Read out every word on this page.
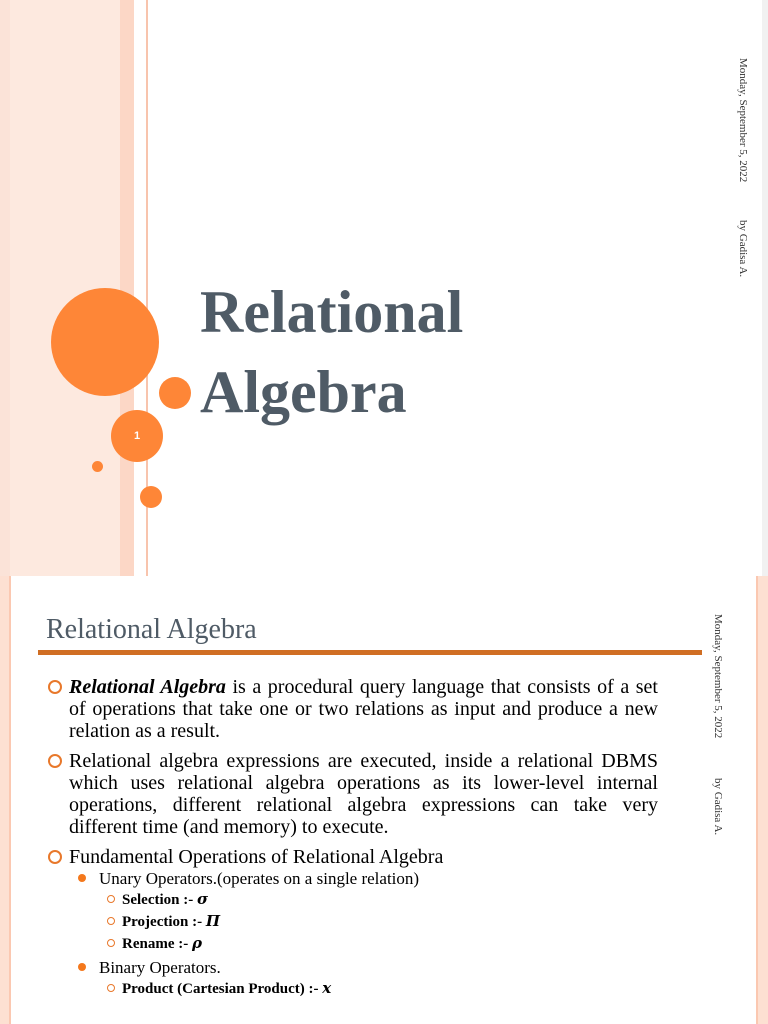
1
Relational
Algebra
Monday, September 5, 2022
by Gadisa A.
Relational Algebra	Monday, September 5, 2022
by Gadisa A.
Relational Algebra is a procedural query language that consists of a set of operations that take one or two relations as input and produce a new relation as a result.
Relational algebra expressions are executed, inside a relational DBMS which uses relational algebra operations as its lower-level internal operations, different relational algebra expressions can take very different time (and memory) to execute.
Fundamental Operations of Relational Algebra
Unary Operators.(operates on a single relation)
Selection :- σ
Projection :- Π
Rename :- ρ
Binary Operators.
Product (Cartesian Product) :- x
